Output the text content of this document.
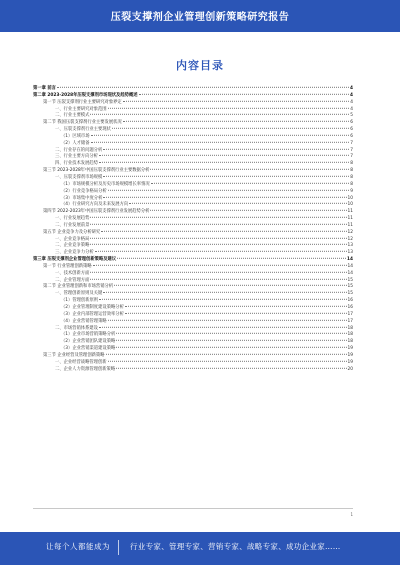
压裂支撑剂企业管理创新策略研究报告
内容目录
第一章 前言	4
第二章 2023-2028年压裂支撑剂市场现状及趋势概述	4
第一节 压裂支撑剂行业主要研究对象界定	4
一、行业主要研究对象范围	4
二、行业主要模式	5
第二节 我国压裂支撑剂行业主要发展状况	6
一、压裂支撑剂行业主要现状	6
（1）区域市场	6
（2）人才储备	7
二、行业存在的问题分析	7
三、行业主要方向分析	7
四、行业技术发展趋势	8
第三节 2023-2028年中国压裂支撑剂行业主要数据分析	8
一、压裂支撑剂市场规模	8
（1）市场规模分析及历史市场规模增长率情况	8
（2）行业竞争格局分析	9
（3）市场集中度分析	10
（4）行业研究方向及未来发展方向	10
第四节 2022-2023年中国压裂支撑剂行业发展趋势分析	11
一、行业发展趋势	11
二、行业发展前景	11
第五节 企业竞争力及分析研究	12
一、企业竞争格局	12
二、企业竞争策略	13
三、企业竞争力分析	13
第三章 压裂支撑剂企业管理创新策略及建议	14
第一节 行业管理创新策略	14
一、技术创新方面	14
二、企业管理方面	15
第二节 企业管理创新和市场营销分析	15
一、管理创新原则及关键	15
（1）管理创新原则	16
（2）企业管理制度建设策略分析	16
（3）企业内部管理运营效率分析	17
（4）企业营销管理策略	17
二、市场营销体系建设	18
（1）企业市场营销策略分析	18
（2）企业营销团队建设策略	18
（3）企业营销渠道建设策略	19
第三节 企业经营及管理创新策略	19
一、企业经营战略管理创新	19
二、企业人力资源管理创新策略	20
1
让每个人都能成为	行业专家、管理专家、营销专家、战略专家、成功企业家……
